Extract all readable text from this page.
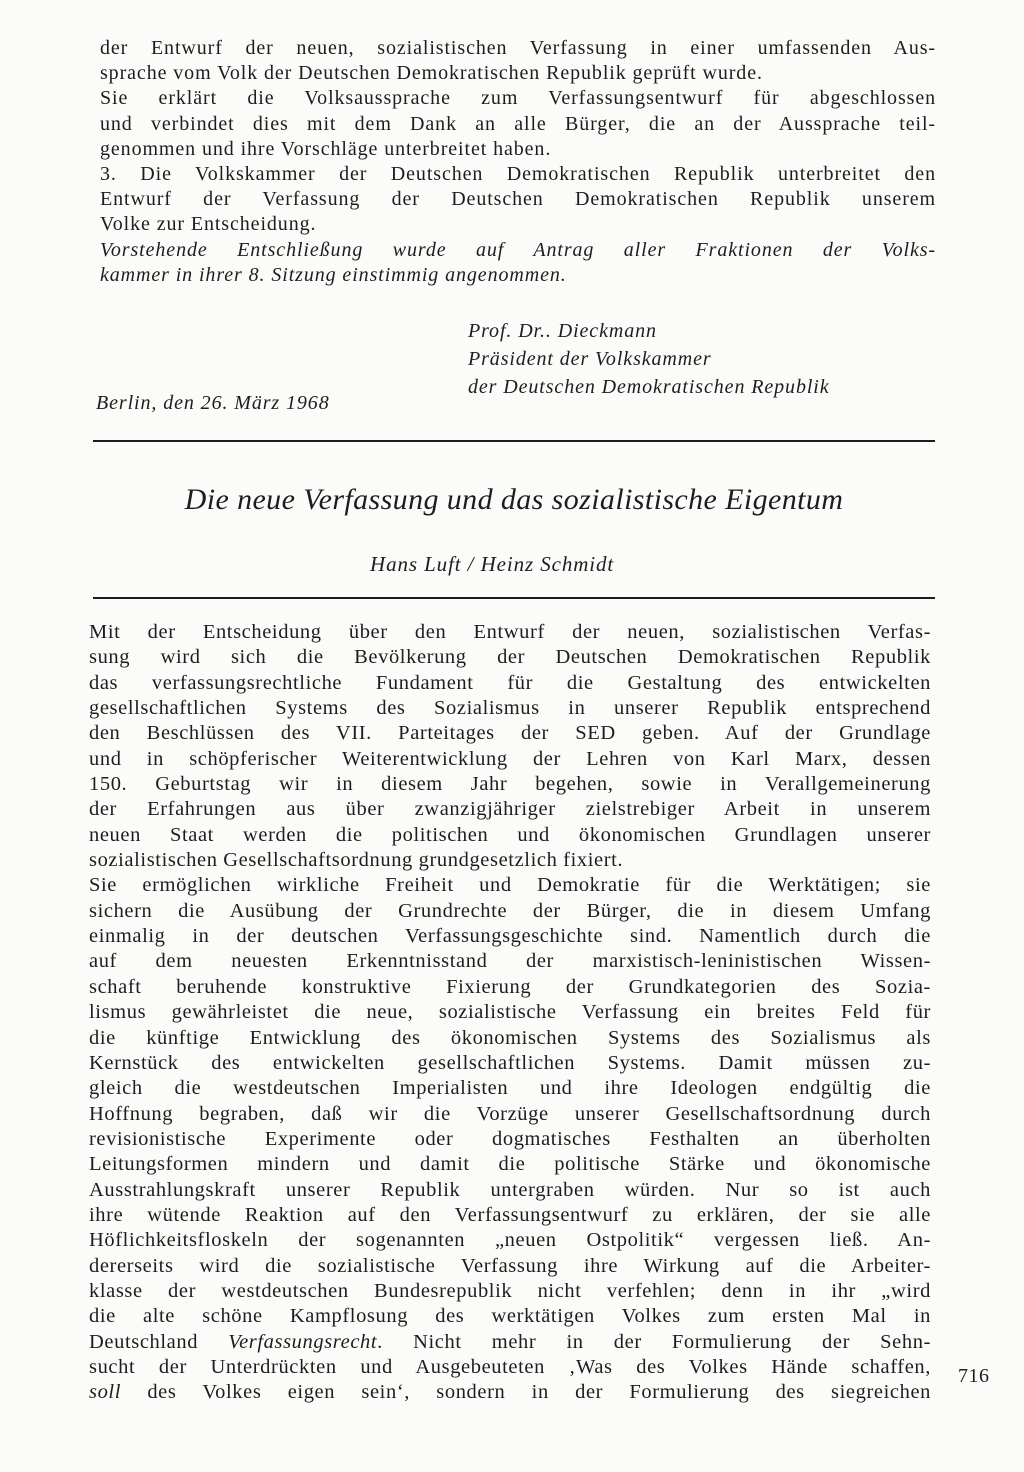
der Entwurf der neuen, sozialistischen Verfassung in einer umfassenden Aus-
sprache vom Volk der Deutschen Demokratischen Republik geprüft wurde.
Sie erklärt die Volksaussprache zum Verfassungsentwurf für abgeschlossen
und verbindet dies mit dem Dank an alle Bürger, die an der Aussprache teil-
genommen und ihre Vorschläge unterbreitet haben.
3. Die Volkskammer der Deutschen Demokratischen Republik unterbreitet den
Entwurf der Verfassung der Deutschen Demokratischen Republik unserem
Volke zur Entscheidung.
Vorstehende Entschließung wurde auf Antrag aller Fraktionen der Volks-
kammer in ihrer 8. Sitzung einstimmig angenommen.
Prof. Dr.. Dieckmann
Präsident der Volkskammer
der Deutschen Demokratischen Republik
Berlin, den 26. März 1968
Die neue Verfassung und das sozialistische Eigentum
Hans Luft / Heinz Schmidt
Mit der Entscheidung über den Entwurf der neuen, sozialistischen Verfas-
sung wird sich die Bevölkerung der Deutschen Demokratischen Republik
das verfassungsrechtliche Fundament für die Gestaltung des entwickelten
gesellschaftlichen Systems des Sozialismus in unserer Republik entsprechend
den Beschlüssen des VII. Parteitages der SED geben. Auf der Grundlage
und in schöpferischer Weiterentwicklung der Lehren von Karl Marx, dessen
150. Geburtstag wir in diesem Jahr begehen, sowie in Verallgemeinerung
der Erfahrungen aus über zwanzigjähriger zielstrebiger Arbeit in unserem
neuen Staat werden die politischen und ökonomischen Grundlagen unserer
sozialistischen Gesellschaftsordnung grundgesetzlich fixiert.
Sie ermöglichen wirkliche Freiheit und Demokratie für die Werktätigen; sie
sichern die Ausübung der Grundrechte der Bürger, die in diesem Umfang
einmalig in der deutschen Verfassungsgeschichte sind. Namentlich durch die
auf dem neuesten Erkenntnisstand der marxistisch-leninistischen Wissen-
schaft beruhende konstruktive Fixierung der Grundkategorien des Sozia-
lismus gewährleistet die neue, sozialistische Verfassung ein breites Feld für
die künftige Entwicklung des ökonomischen Systems des Sozialismus als
Kernstück des entwickelten gesellschaftlichen Systems. Damit müssen zu-
gleich die westdeutschen Imperialisten und ihre Ideologen endgültig die
Hoffnung begraben, daß wir die Vorzüge unserer Gesellschaftsordnung durch
revisionistische Experimente oder dogmatisches Festhalten an überholten
Leitungsformen mindern und damit die politische Stärke und ökonomische
Ausstrahlungskraft unserer Republik untergraben würden. Nur so ist auch
ihre wütende Reaktion auf den Verfassungsentwurf zu erklären, der sie alle
Höflichkeitsfloskeln der sogenannten „neuen Ostpolitik“ vergessen ließ. An-
dererseits wird die sozialistische Verfassung ihre Wirkung auf die Arbeiter-
klasse der westdeutschen Bundesrepublik nicht verfehlen; denn in ihr „wird
die alte schöne Kampflosung des werktätigen Volkes zum ersten Mal in
Deutschland Verfassungsrecht. Nicht mehr in der Formulierung der Sehn-
sucht der Unterdrückten und Ausgebeuteten ‚Was des Volkes Hände schaffen,
soll des Volkes eigen sein‘, sondern in der Formulierung des siegreichen
716
